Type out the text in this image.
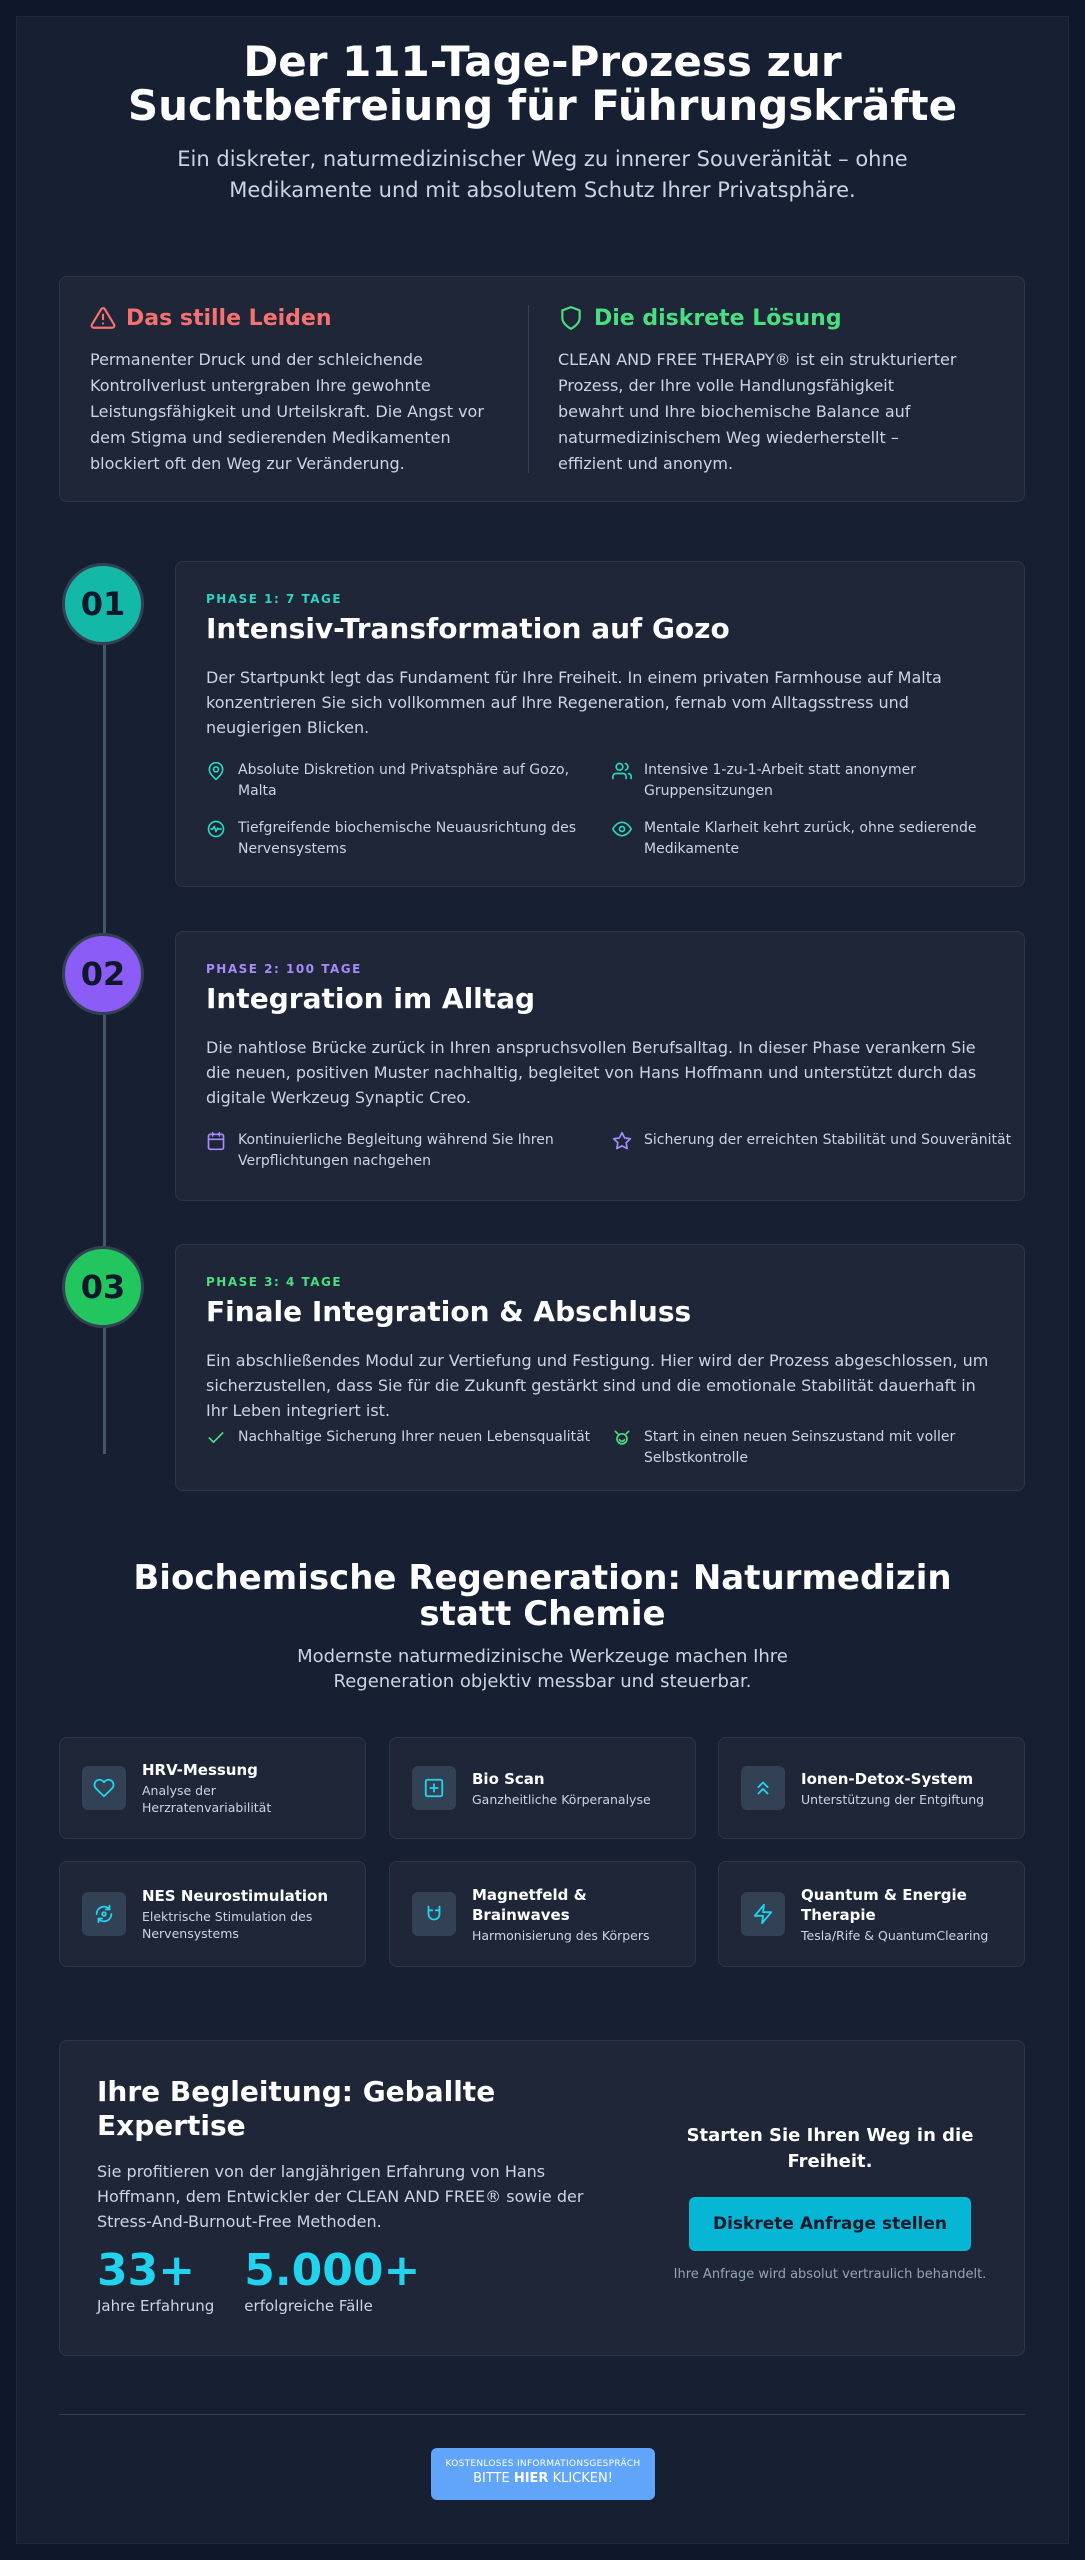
Der 111-Tage-Prozess zur Suchtbefreiung für Führungskräfte

Ein diskreter, naturmedizinischer Weg zu innerer Souveränität – ohne Medikamente und mit absolutem Schutz Ihrer Privatsphäre.

Das stille Leiden

Permanenter Druck und der schleichende Kontrollverlust untergraben Ihre gewohnte Leistungsfähigkeit und Urteilskraft. Die Angst vor dem Stigma und sedierenden Medikamenten blockiert oft den Weg zur Veränderung.

Die diskrete Lösung

CLEAN AND FREE THERAPY® ist ein strukturierter Prozess, der Ihre volle Handlungsfähigkeit bewahrt und Ihre biochemische Balance auf naturmedizinischem Weg wiederherstellt – effizient und anonym.

01
02
03
PHASE 1: 7 TAGE
Intensiv-Transformation auf Gozo

Der Startpunkt legt das Fundament für Ihre Freiheit. In einem privaten Farmhouse auf Malta konzentrieren Sie sich vollkommen auf Ihre Regeneration, fernab vom Alltagsstress und neugierigen Blicken.

Absolute Diskretion und Privatsphäre auf Gozo, Malta
Intensive 1-zu-1-Arbeit statt anonymer Gruppensitzungen
Tiefgreifende biochemische Neuausrichtung des Nervensystems
Mentale Klarheit kehrt zurück, ohne sedierende Medikamente
PHASE 2: 100 TAGE
Integration im Alltag

Die nahtlose Brücke zurück in Ihren anspruchsvollen Berufsalltag. In dieser Phase verankern Sie die neuen, positiven Muster nachhaltig, begleitet von Hans Hoffmann und unterstützt durch das digitale Werkzeug Synaptic Creo.

Kontinuierliche Begleitung während Sie Ihren Verpflichtungen nachgehen
Sicherung der erreichten Stabilität und Souveränität
PHASE 3: 4 TAGE
Finale Integration & Abschluss

Ein abschließendes Modul zur Vertiefung und Festigung. Hier wird der Prozess abgeschlossen, um sicherzustellen, dass Sie für die Zukunft gestärkt sind und die emotionale Stabilität dauerhaft in Ihr Leben integriert ist.

Nachhaltige Sicherung Ihrer neuen Lebensqualität	Start in einen neuen Seinszustand mit voller Selbstkontrolle
Biochemische Regeneration: Naturmedizin statt Chemie

Modernste naturmedizinische Werkzeuge machen Ihre Regeneration objektiv messbar und steuerbar.

HRV-Messung
Analyse der Herzratenvariabilität
Bio Scan
Ganzheitliche Körperanalyse
Ionen-Detox-System
Unterstützung der Entgiftung
NES Neurostimulation
Elektrische Stimulation des Nervensystems
Magnetfeld & Brainwaves
Harmonisierung des Körpers
Quantum & Energie Therapie
Tesla/Rife & QuantumClearing
Ihre Begleitung: Geballte Expertise

Sie profitieren von der langjährigen Erfahrung von Hans Hoffmann, dem Entwickler der CLEAN AND FREE® sowie der Stress-And-Burnout-Free Methoden.

33+
Jahre Erfahrung
5.000+
erfolgreiche Fälle
Starten Sie Ihren Weg in die Freiheit.
Diskrete Anfrage stellen
Ihre Anfrage wird absolut vertraulich behandelt.
KOSTENLOSES INFORMATIONSGESPRÄCH
BITTE HIER KLICKEN!
